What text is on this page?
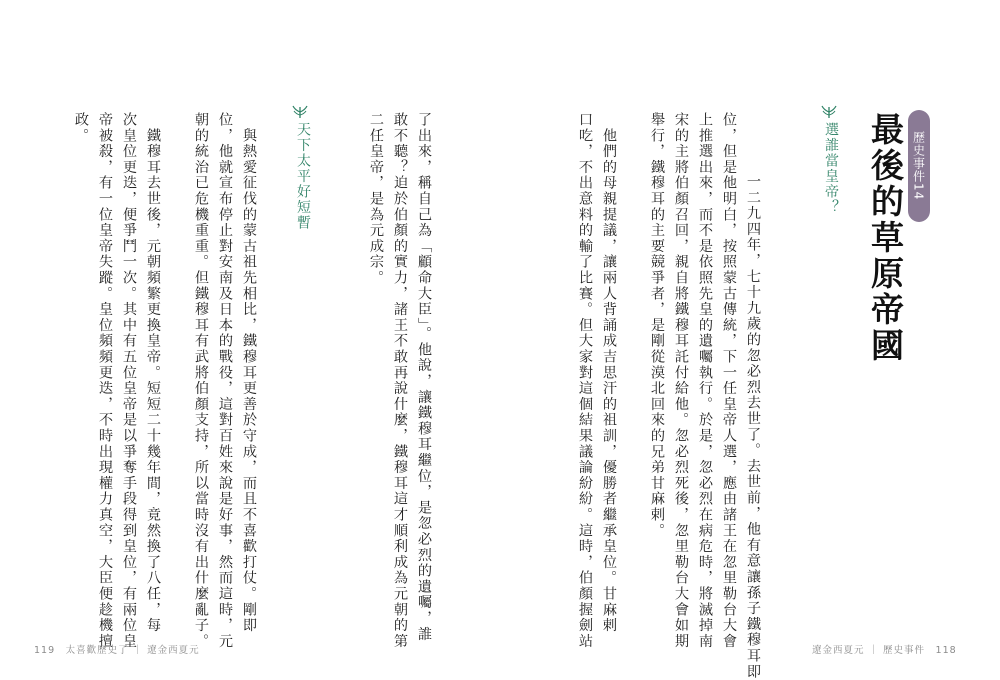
歷史事件14
最後的草原帝國
選誰當皇帝？
一二九四年，七十九歲的忽必烈去世了。去世前，他有意讓孫子鐵穆耳即
位，但是他明白，按照蒙古傳統，下一任皇帝人選，應由諸王在忽里勒台大會
上推選出來，而不是依照先皇的遺囑執行。於是，忽必烈在病危時，將滅掉南
宋的主將伯顏召回，親自將鐵穆耳託付給他。忽必烈死後，忽里勒台大會如期
舉行，鐵穆耳的主要競爭者，是剛從漠北回來的兄弟甘麻剌。
　他們的母親提議，讓兩人背誦成吉思汗的祖訓，優勝者繼承皇位。甘麻剌
口吃，不出意料的輸了比賽。但大家對這個結果議論紛紛。這時，伯顏握劍站
了出來，稱自己為「顧命大臣」。他說，讓鐵穆耳繼位，是忽必烈的遺囑，誰
敢不聽？迫於伯顏的實力，諸王不敢再說什麼，鐵穆耳這才順利成為元朝的第
二任皇帝，是為元成宗。
天下太平好短暫
　與熱愛征伐的蒙古祖先相比，鐵穆耳更善於守成，而且不喜歡打仗。剛即
位，他就宣布停止對安南及日本的戰役，這對百姓來說是好事，然而這時，元
朝的統治已危機重重。但鐵穆耳有武將伯顏支持，所以當時沒有出什麼亂子。
　鐵穆耳去世後，元朝頻繁更換皇帝。短短二十幾年間，竟然換了八任，每
次皇位更迭，便爭鬥一次。其中有五位皇帝是以爭奪手段得到皇位，有兩位皇
帝被殺，有一位皇帝失蹤。皇位頻頻更迭，不時出現權力真空，大臣便趁機擅
政。
119　太喜歡歷史了 ｜ 遼金西夏元	遼金西夏元 ｜ 歷史事件　118
